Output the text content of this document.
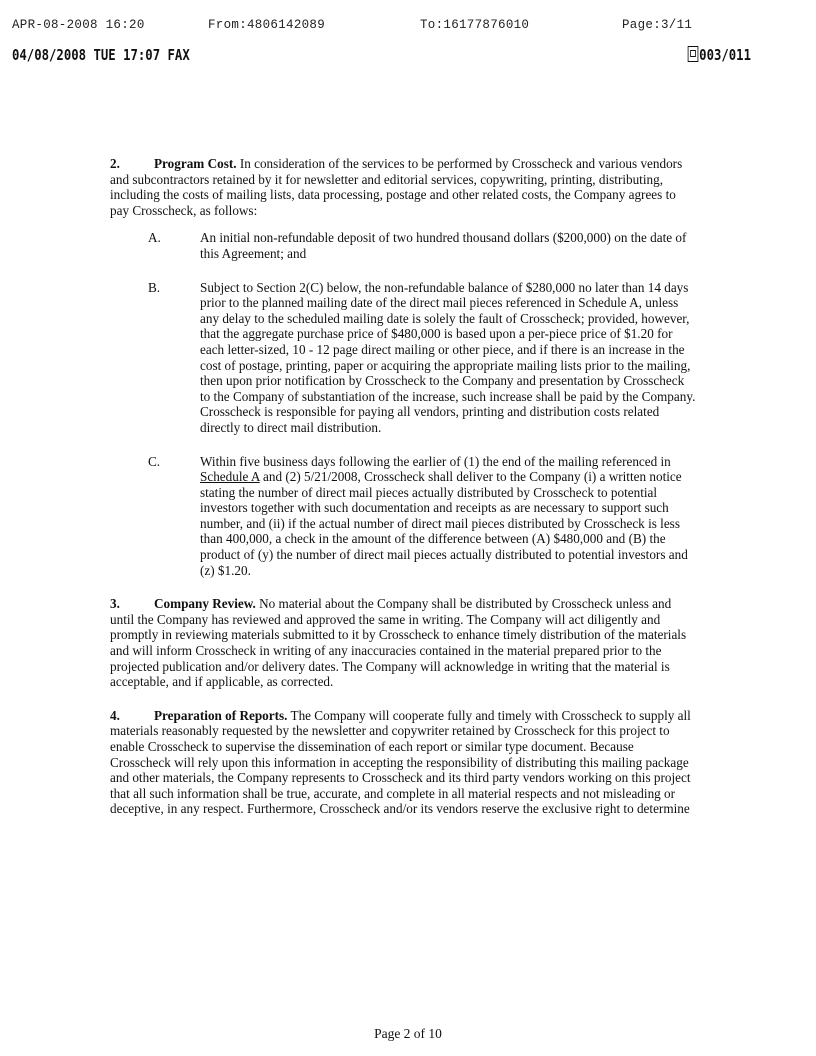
APR-08-2008 16:20	From:4806142089	To:16177876010	Page:3/11
04/08/2008 TUE 17:07 FAX	003/011

2.	Program Cost. In consideration of the services to be performed by Crosscheck and various vendors and subcontractors retained by it for newsletter and editorial services, copywriting, printing, distributing, including the costs of mailing lists, data processing, postage and other related costs, the Company agrees to pay Crosscheck, as follows:

A.	An initial non-refundable deposit of two hundred thousand dollars ($200,000) on the date of this Agreement; and

B.	Subject to Section 2(C) below, the non-refundable balance of $280,000 no later than 14 days prior to the planned mailing date of the direct mail pieces referenced in Schedule A, unless any delay to the scheduled mailing date is solely the fault of Crosscheck; provided, however, that the aggregate purchase price of $480,000 is based upon a per-piece price of $1.20 for each letter-sized, 10 - 12 page direct mailing or other piece, and if there is an increase in the cost of postage, printing, paper or acquiring the appropriate mailing lists prior to the mailing, then upon prior notification by Crosscheck to the Company and presentation by Crosscheck to the Company of substantiation of the increase, such increase shall be paid by the Company. Crosscheck is responsible for paying all vendors, printing and distribution costs related directly to direct mail distribution.

C.	Within five business days following the earlier of (1) the end of the mailing referenced in Schedule A and (2) 5/21/2008, Crosscheck shall deliver to the Company (i) a written notice stating the number of direct mail pieces actually distributed by Crosscheck to potential investors together with such documentation and receipts as are necessary to support such number, and (ii) if the actual number of direct mail pieces distributed by Crosscheck is less than 400,000, a check in the amount of the difference between (A) $480,000 and (B) the product of (y) the number of direct mail pieces actually distributed to potential investors and (z) $1.20.

3.	Company Review. No material about the Company shall be distributed by Crosscheck unless and until the Company has reviewed and approved the same in writing. The Company will act diligently and promptly in reviewing materials submitted to it by Crosscheck to enhance timely distribution of the materials and will inform Crosscheck in writing of any inaccuracies contained in the material prepared prior to the projected publication and/or delivery dates. The Company will acknowledge in writing that the material is acceptable, and if applicable, as corrected.

4.	Preparation of Reports. The Company will cooperate fully and timely with Crosscheck to supply all materials reasonably requested by the newsletter and copywriter retained by Crosscheck for this project to enable Crosscheck to supervise the dissemination of each report or similar type document. Because Crosscheck will rely upon this information in accepting the responsibility of distributing this mailing package and other materials, the Company represents to Crosscheck and its third party vendors working on this project that all such information shall be true, accurate, and complete in all material respects and not misleading or deceptive, in any respect. Furthermore, Crosscheck and/or its vendors reserve the exclusive right to determine

Page 2 of 10
